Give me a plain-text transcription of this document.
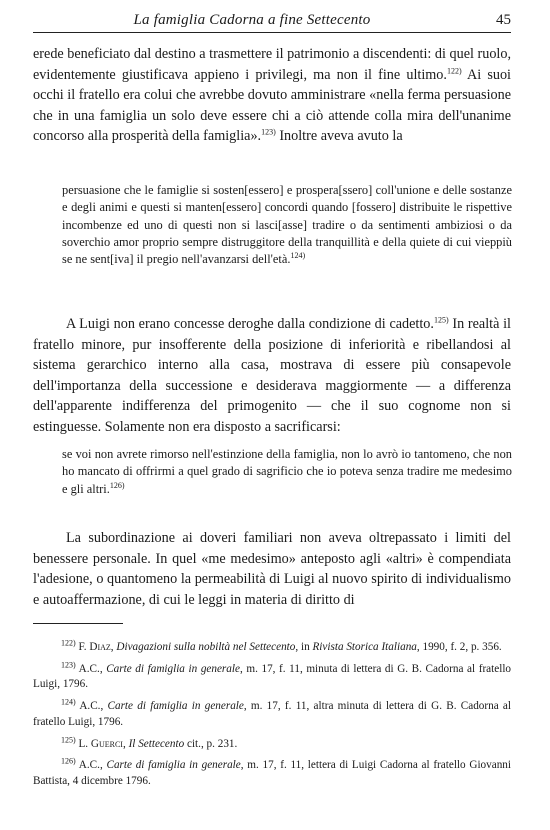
La famiglia Cadorna a fine Settecento	45

erede beneficiato dal destino a trasmettere il patrimonio a discendenti: di quel ruolo, evidentemente giustificava appieno i privilegi, ma non il fine ultimo.$^{122)}$ Ai suoi occhi il fratello era colui che avrebbe dovuto amministrare «nella ferma persuasione che in una famiglia un solo deve essere chi a ciò attende colla mira dell'unanime concorso alla prosperità della famiglia».$^{123)}$ Inoltre aveva avuto la

persuasione che le famiglie si sosten[essero] e prospera[ssero] coll'unione e delle sostanze e degli animi e questi si manten[essero] concordi quando [fossero] distribuite le rispettive incombenze ed uno di questi non si lasci[asse] tradire o da sentimenti ambiziosi o da soverchio amor proprio sempre distruggitore della tranquillità e della quiete di cui vieppiù se ne sent[iva] il pregio nell'avanzarsi dell'età.$^{124)}$

A Luigi non erano concesse deroghe dalla condizione di cadetto.$^{125)}$ In realtà il fratello minore, pur insofferente della posizione di inferiorità e ribellandosi al sistema gerarchico interno alla casa, mostrava di essere più consapevole dell'importanza della successione e desiderava maggiormente — a differenza dell'apparente indifferenza del primogenito — che il suo cognome non si estinguesse. Solamente non era disposto a sacrificarsi:

se voi non avrete rimorso nell'estinzione della famiglia, non lo avrò io tantomeno, che non ho mancato di offrirmi a quel grado di sagrificio che io poteva senza tradire me medesimo e gli altri.$^{126)}$

La subordinazione ai doveri familiari non aveva oltrepassato i limiti del benessere personale. In quel «me medesimo» anteposto agli «altri» è compendiata l'adesione, o quantomeno la permeabilità di Luigi al nuovo spirito di individualismo e autoaffermazione, di cui le leggi in materia di diritto di

$^{122)}$ F. Diaz, Divagazioni sulla nobiltà nel Settecento, in Rivista Storica Italiana, 1990, f. 2, p. 356.

$^{123)}$ A.C., Carte di famiglia in generale, m. 17, f. 11, minuta di lettera di G. B. Cadorna al fratello Luigi, 1796.

$^{124)}$ A.C., Carte di famiglia in generale, m. 17, f. 11, altra minuta di lettera di G. B. Cadorna al fratello Luigi, 1796.

$^{125)}$ L. Guerci, Il Settecento cit., p. 231.

$^{126)}$ A.C., Carte di famiglia in generale, m. 17, f. 11, lettera di Luigi Cadorna al fratello Giovanni Battista, 4 dicembre 1796.
